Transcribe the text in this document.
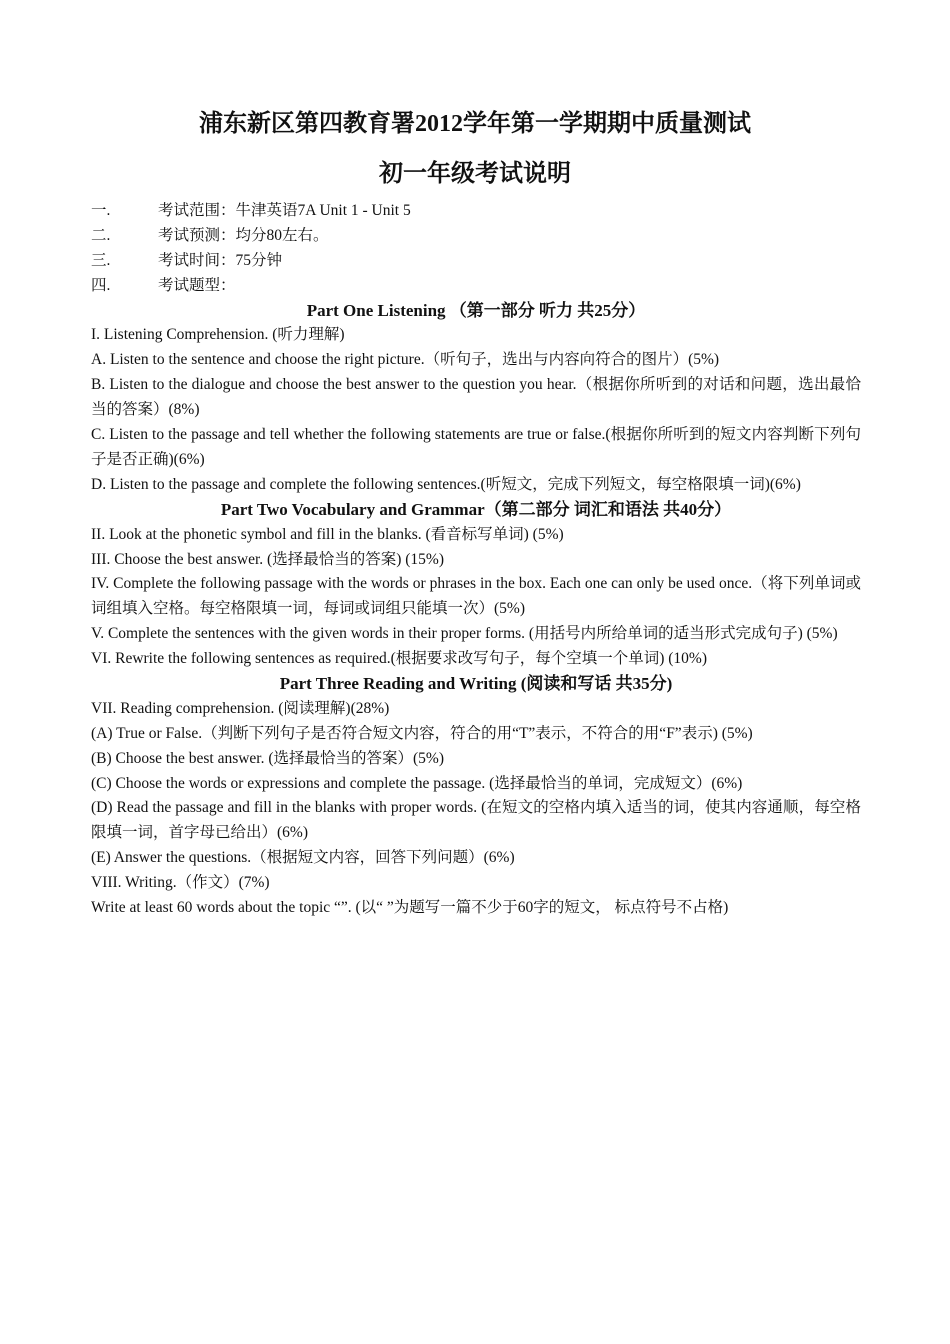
浦东新区第四教育署2012学年第一学期期中质量测试
初一年级考试说明
一.	考试范围：牛津英语7A Unit 1 - Unit 5
二.	考试预测：均分80左右。
三.	考试时间：75分钟
四.	考试题型：
Part One Listening （第一部分 听力 共25分）
I. Listening Comprehension. (听力理解)
A. Listen to the sentence and choose the right picture.（听句子，选出与内容向符合的图片）(5%)
B. Listen to the dialogue and choose the best answer to the question you hear.（根据你所听到的对话和问题，选出最恰当的答案）(8%)
C. Listen to the passage and tell whether the following statements are true or false.(根据你所听到的短文内容判断下列句子是否正确)(6%)
D. Listen to the passage and complete the following sentences.(听短文，完成下列短文，每空格限填一词)(6%)
Part Two Vocabulary and Grammar（第二部分 词汇和语法 共40分）
II. Look at the phonetic symbol and fill in the blanks. (看音标写单词) (5%)
III. Choose the best answer. (选择最恰当的答案) (15%)
IV. Complete the following passage with the words or phrases in the box. Each one can only be used once.（将下列单词或词组填入空格。每空格限填一词，每词或词组只能填一次）(5%)
V. Complete the sentences with the given words in their proper forms. (用括号内所给单词的适当形式完成句子) (5%)
VI. Rewrite the following sentences as required.(根据要求改写句子，每个空填一个单词) (10%)
Part Three Reading and Writing (阅读和写话 共35分)
VII. Reading comprehension. (阅读理解)(28%)
(A) True or False.（判断下列句子是否符合短文内容，符合的用“T”表示，不符合的用“F”表示) (5%)
(B) Choose the best answer. (选择最恰当的答案）(5%)
(C) Choose the words or expressions and complete the passage. (选择最恰当的单词，完成短文）(6%)
(D) Read the passage and fill in the blanks with proper words. (在短文的空格内填入适当的词，使其内容通顺，每空格限填一词，首字母已给出）(6%)
(E) Answer the questions.（根据短文内容，回答下列问题）(6%)
VIII. Writing.（作文）(7%)
Write at least 60 words about the topic “”. (以“ ”为题写一篇不少于60字的短文， 标点符号不占格)
